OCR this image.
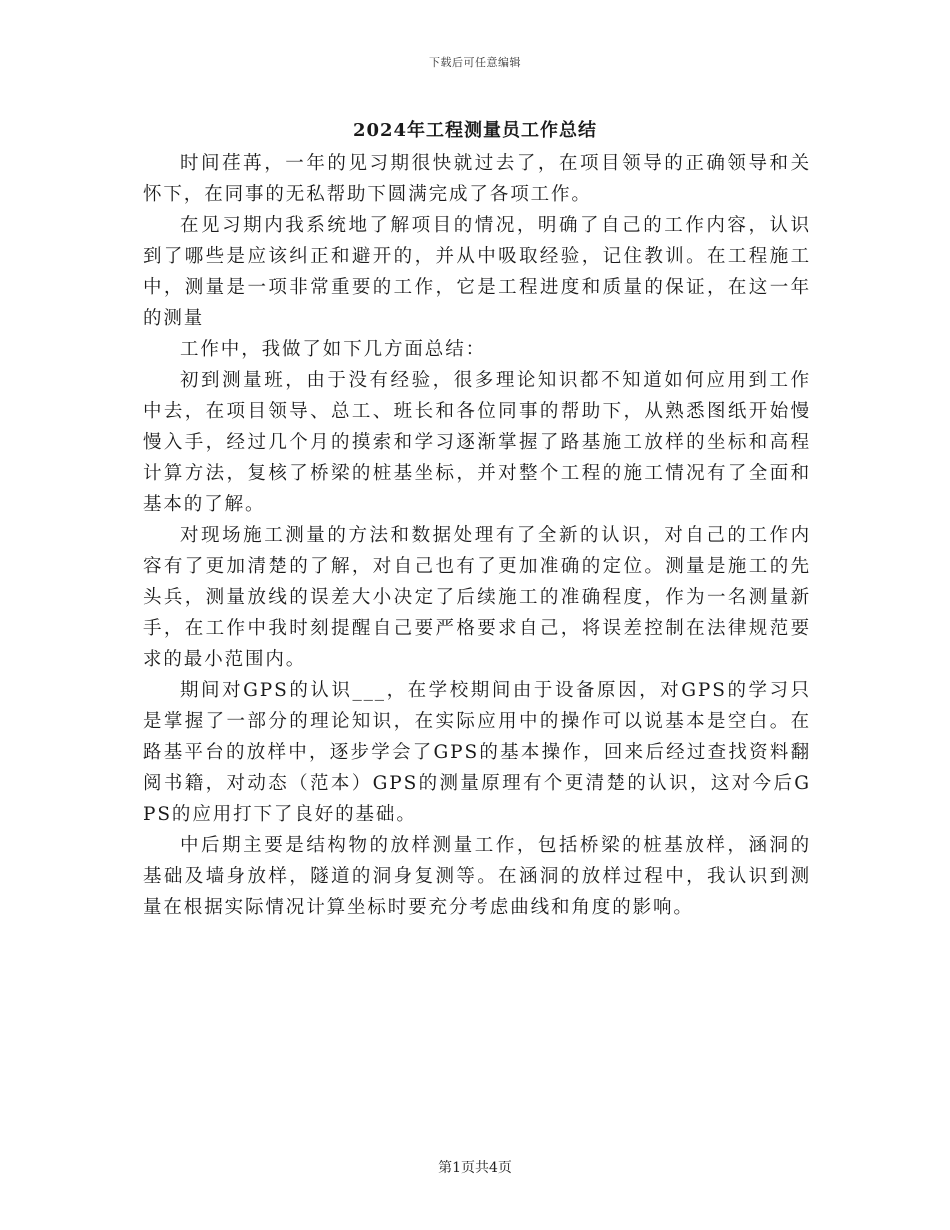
下载后可任意编辑
2024年工程测量员工作总结

时间荏苒，一年的见习期很快就过去了，在项目领导的正确领导和关怀下，在同事的无私帮助下圆满完成了各项工作。

在见习期内我系统地了解项目的情况，明确了自己的工作内容，认识到了哪些是应该纠正和避开的，并从中吸取经验，记住教训。在工程施工中，测量是一项非常重要的工作，它是工程进度和质量的保证，在这一年的测量

工作中，我做了如下几方面总结：

初到测量班，由于没有经验，很多理论知识都不知道如何应用到工作中去，在项目领导、总工、班长和各位同事的帮助下，从熟悉图纸开始慢慢入手，经过几个月的摸索和学习逐渐掌握了路基施工放样的坐标和高程计算方法，复核了桥梁的桩基坐标，并对整个工程的施工情况有了全面和基本的了解。

对现场施工测量的方法和数据处理有了全新的认识，对自己的工作内容有了更加清楚的了解，对自己也有了更加准确的定位。测量是施工的先头兵，测量放线的误差大小决定了后续施工的准确程度，作为一名测量新手，在工作中我时刻提醒自己要严格要求自己，将误差控制在法律规范要求的最小范围内。

期间对GPS的认识___，在学校期间由于设备原因，对GPS的学习只是掌握了一部分的理论知识，在实际应用中的操作可以说基本是空白。在路基平台的放样中，逐步学会了GPS的基本操作，回来后经过查找资料翻阅书籍，对动态（范本）GPS的测量原理有个更清楚的认识，这对今后GPS的应用打下了良好的基础。

中后期主要是结构物的放样测量工作，包括桥梁的桩基放样，涵洞的基础及墙身放样，隧道的洞身复测等。在涵洞的放样过程中，我认识到测量在根据实际情况计算坐标时要充分考虑曲线和角度的影响。

第1页共4页
